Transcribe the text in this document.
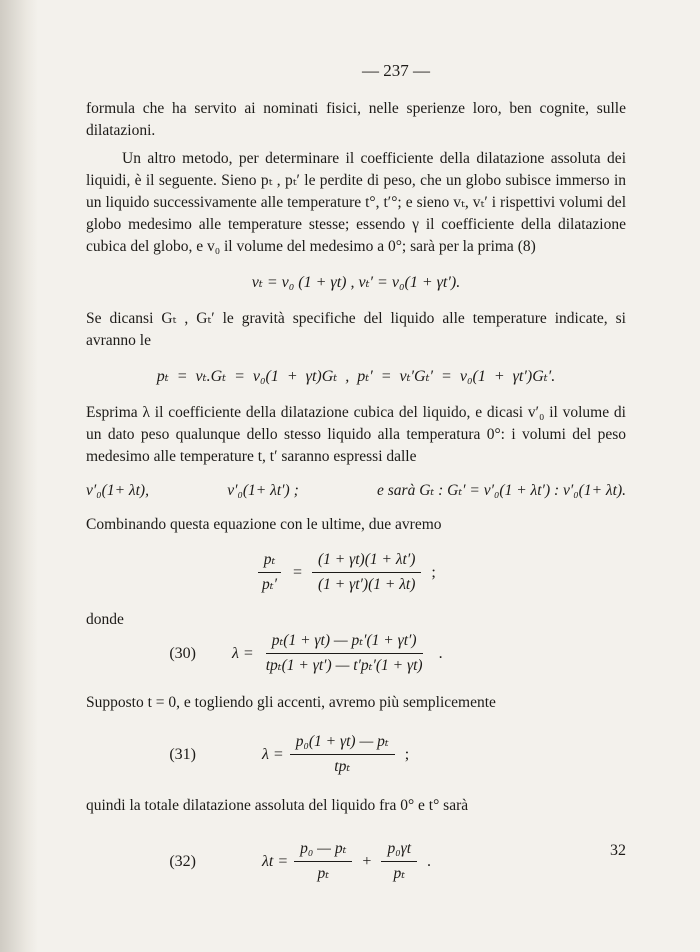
— 237 —

formula che ha servito ai nominati fisici, nelle sperienze loro, ben cognite, sulle dilatazioni.

Un altro metodo, per determinare il coefficiente della dilatazione assoluta dei liquidi, è il seguente. Sieno pₜ , pₜ′ le perdite di peso, che un globo subisce immerso in un liquido successivamente alle temperature t°, t′°; e sieno vₜ, vₜ′ i rispettivi volumi del globo medesimo alle temperature stesse; essendo γ il coefficiente della dilatazione cubica del globo, e v₀ il volume del medesimo a 0°; sarà per la prima (8)

vₜ = v₀ (1 + γt) , vₜ′ = v₀(1 + γt′).

Se dicansi Gₜ , Gₜ′ le gravità specifiche del liquido alle temperature indicate, si avranno le

pₜ = vₜ.Gₜ = v₀(1 + γt)Gₜ , pₜ′ = vₜ′Gₜ′ = v₀(1 + γt′)Gₜ′.

Esprima λ il coefficiente della dilatazione cubica del liquido, e dicasi v′₀ il volume di un dato peso qualunque dello stesso liquido alla temperatura 0°: i volumi del peso medesimo alle temperature t, t′ saranno espressi dalle

v′₀(1+ λt),	v′₀(1+ λt′) ;	e sarà Gₜ : Gₜ′ = v′₀(1 + λt′) : v′₀(1+ λt).

Combinando questa equazione con le ultime, due avremo

$\frac{\text{pₜ}}{\text{pₜ′}} = \frac{(1 + \gamma t)(1 + \lambda t')}{(1 + \gamma t')(1 + \lambda t)}$ ;

donde

(30)	$\lambda = \frac{\text{pₜ(1 + γt) — pₜ′(1 + γt′)}}{\text{tpₜ(1 + γt′) — t′pₜ′(1 + γt)}}$ .

Supposto t = 0, e togliendo gli accenti, avremo più semplicemente

(31)	$\lambda = \frac{\text{p₀(1 + γt) — pₜ}}{\text{tpₜ}}$ ;

quindi la totale dilatazione assoluta del liquido fra 0° e t° sarà

(32)	$\lambda t = \frac{\text{p₀ — pₜ}}{\text{pₜ}} + \frac{\text{p₀γt}}{\text{pₜ}}$ .
32
